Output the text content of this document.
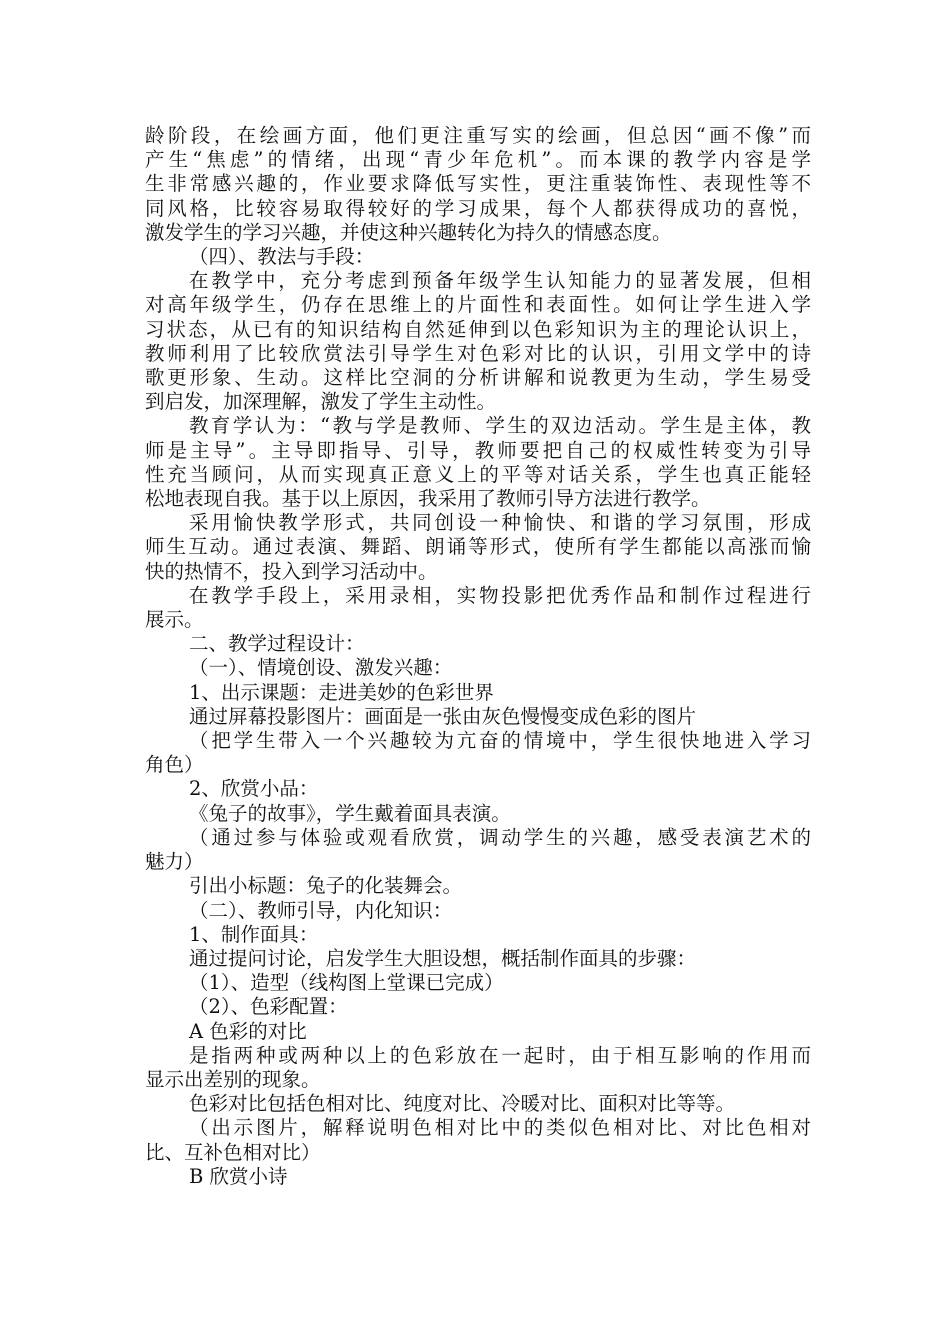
龄阶段，在绘画方面，他们更注重写实的绘画，但总因“画不像”而

产生“焦虑”的情绪，出现“青少年危机”。而本课的教学内容是学

生非常感兴趣的，作业要求降低写实性，更注重装饰性、表现性等不

同风格，比较容易取得较好的学习成果，每个人都获得成功的喜悦，

激发学生的学习兴趣，并使这种兴趣转化为持久的情感态度。

（四）、教法与手段：

在教学中，充分考虑到预备年级学生认知能力的显著发展，但相

对高年级学生，仍存在思维上的片面性和表面性。如何让学生进入学

习状态，从已有的知识结构自然延伸到以色彩知识为主的理论认识上，

教师利用了比较欣赏法引导学生对色彩对比的认识，引用文学中的诗

歌更形象、生动。这样比空洞的分析讲解和说教更为生动，学生易受

到启发，加深理解，激发了学生主动性。

教育学认为：“教与学是教师、学生的双边活动。学生是主体，教

师是主导”。主导即指导、引导，教师要把自己的权威性转变为引导

性充当顾问，从而实现真正意义上的平等对话关系，学生也真正能轻

松地表现自我。基于以上原因，我采用了教师引导方法进行教学。

采用愉快教学形式，共同创设一种愉快、和谐的学习氛围，形成

师生互动。通过表演、舞蹈、朗诵等形式，使所有学生都能以高涨而愉

快的热情不，投入到学习活动中。

在教学手段上，采用录相，实物投影把优秀作品和制作过程进行

展示。

二、教学过程设计：

（一）、情境创设、激发兴趣：

1、出示课题：走进美妙的色彩世界

通过屏幕投影图片：画面是一张由灰色慢慢变成色彩的图片

（把学生带入一个兴趣较为亢奋的情境中，学生很快地进入学习

角色）

2、欣赏小品：

《兔子的故事》，学生戴着面具表演。

（通过参与体验或观看欣赏，调动学生的兴趣，感受表演艺术的

魅力）

引出小标题：兔子的化装舞会。

（二）、教师引导，内化知识：

1、制作面具：

通过提问讨论，启发学生大胆设想，概括制作面具的步骤：

（1）、造型（线构图上堂课已完成）

（2）、色彩配置：

A 色彩的对比

是指两种或两种以上的色彩放在一起时，由于相互影响的作用而

显示出差别的现象。

色彩对比包括色相对比、纯度对比、冷暖对比、面积对比等等。

（出示图片，解释说明色相对比中的类似色相对比、对比色相对

比、互补色相对比）

B 欣赏小诗
